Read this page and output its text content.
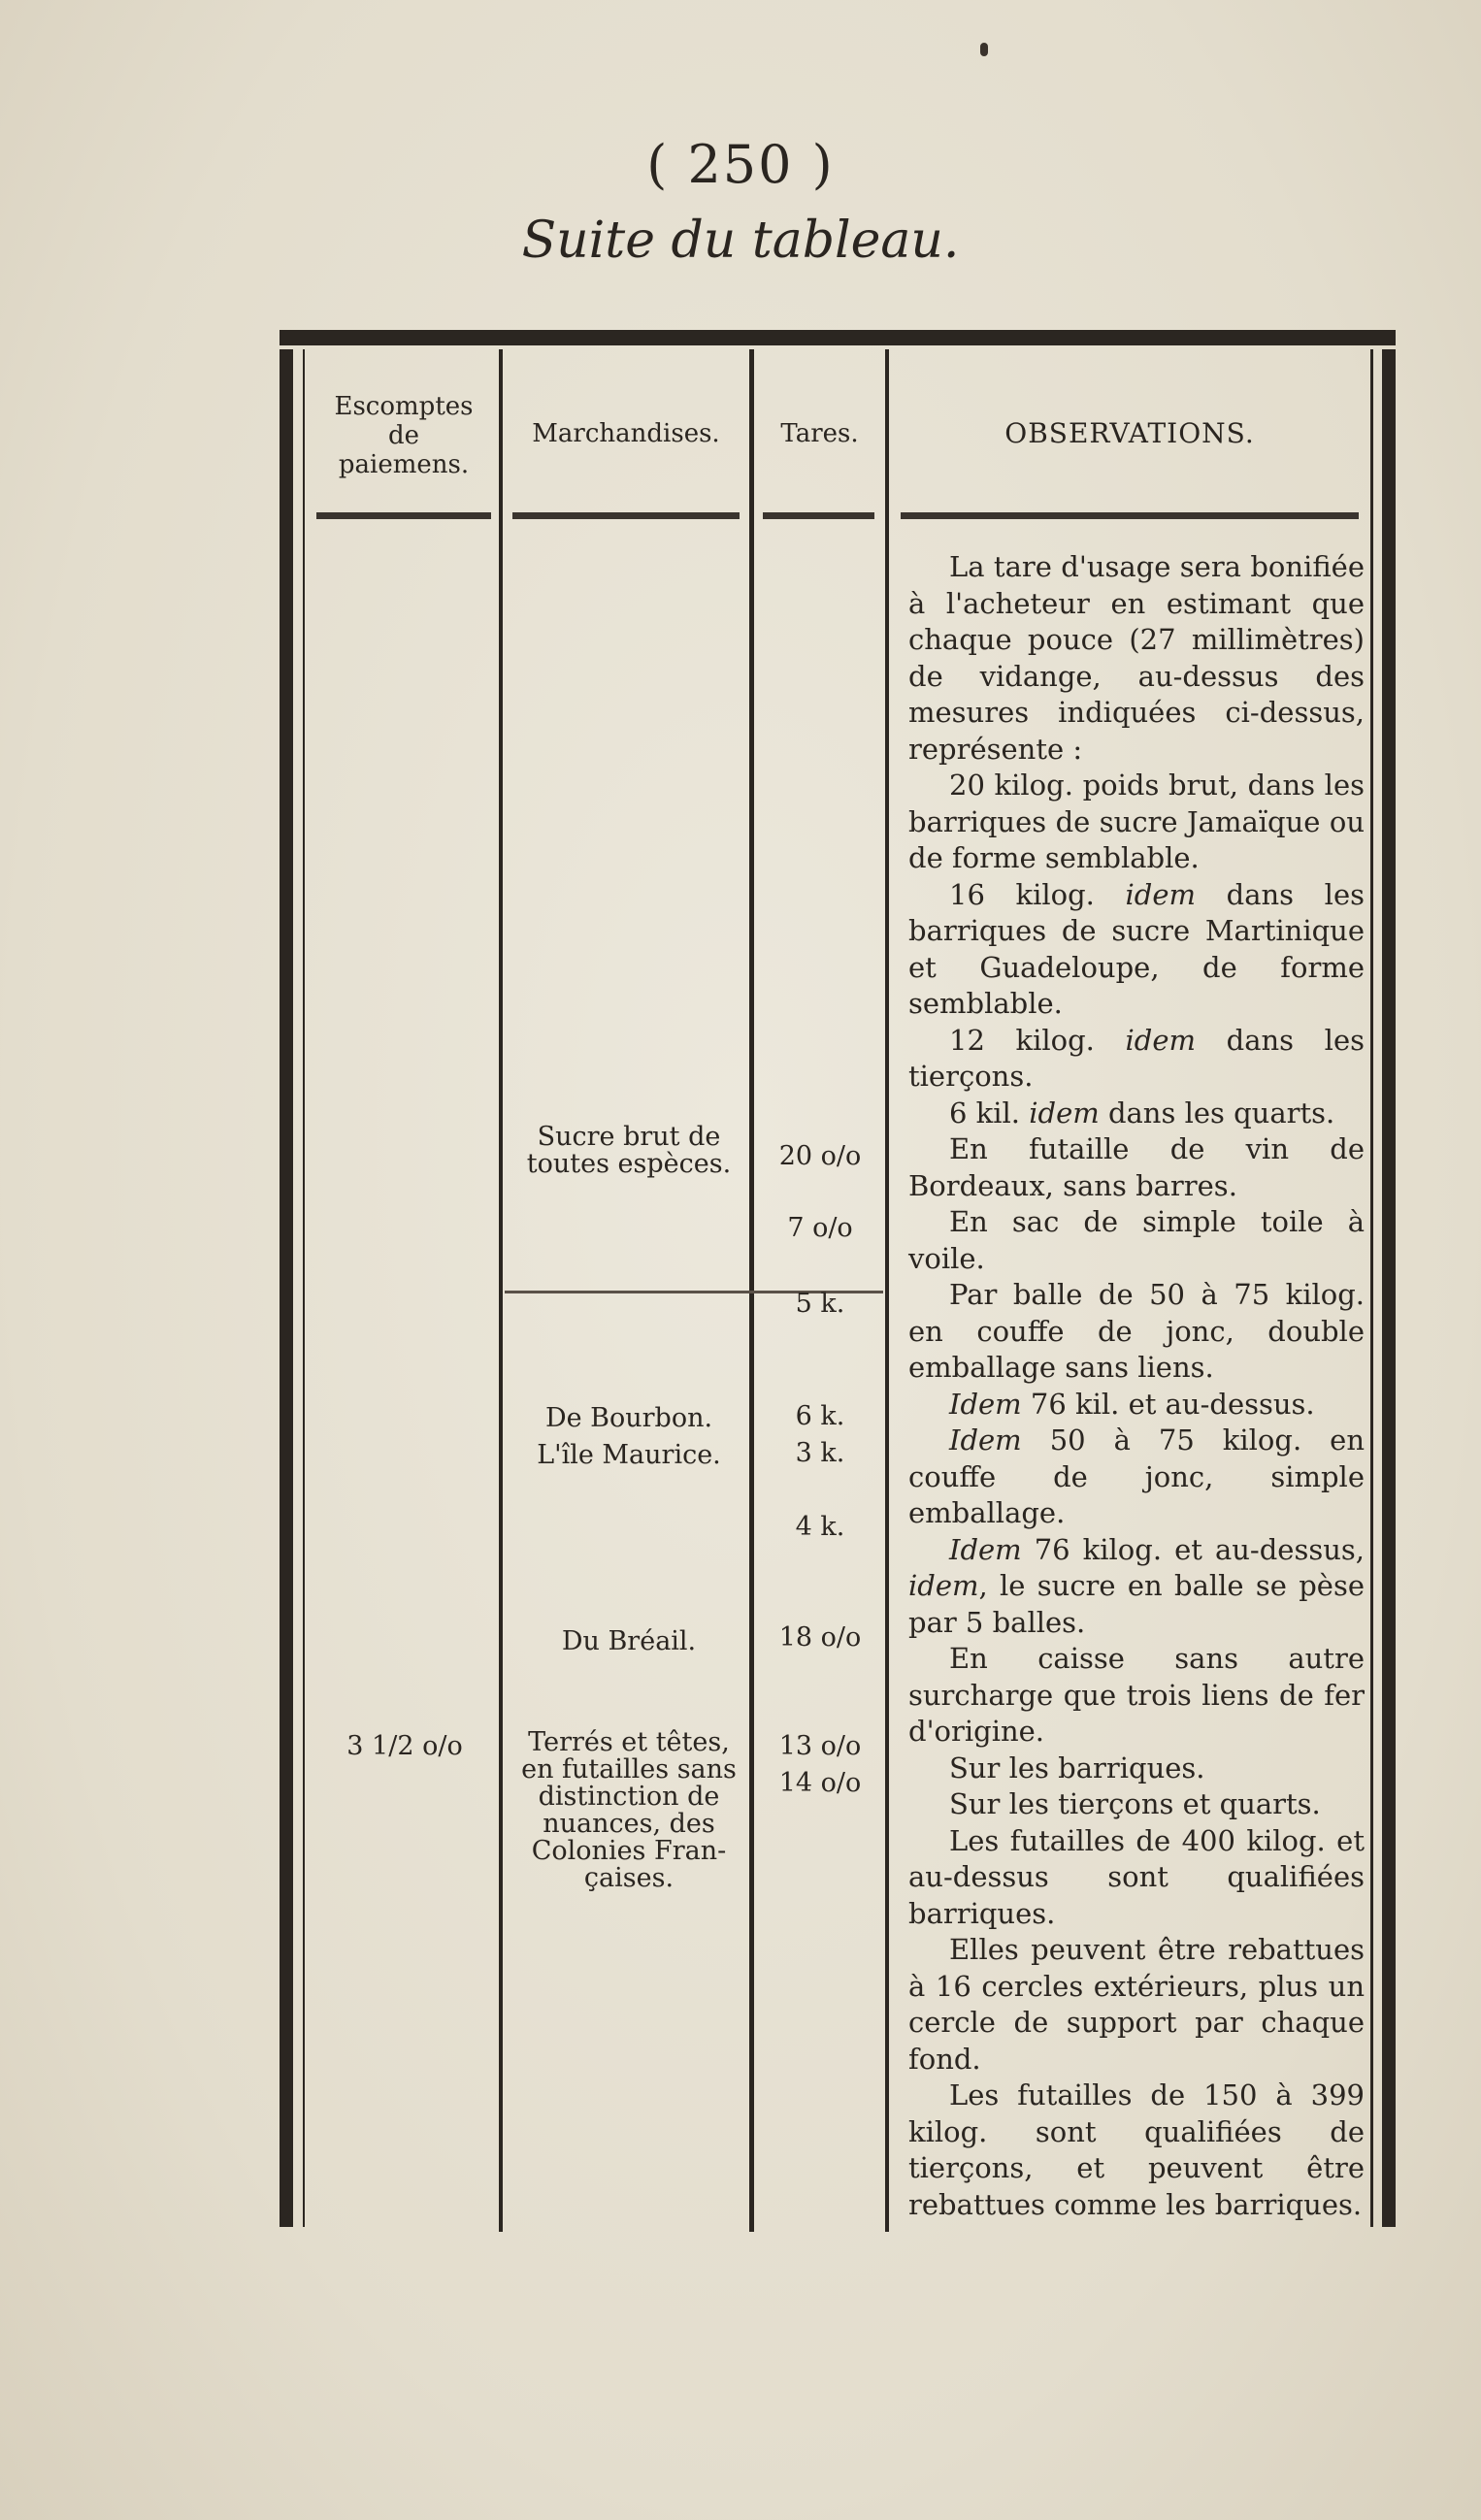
( 250 )
Suite du tableau.
Escomptes
de
paiemens.
Marchandises.	Tares.	OBSERVATIONS.
Sucre brut de
toutes espèces.
De Bourbon.
L'île Maurice.
Du Bréail.
Terrés et têtes,
en futailles sans
distinction de
nuances, des
Colonies Fran-
çaises.
3 1/2 o/o
20 o/o
7 o/o
5 k.
6 k.
3 k.
4 k.
18 o/o
13 o/o
14 o/o

La tare d'usage sera bonifiée à l'acheteur en estimant que chaque pouce (27 millimètres) de vidange, au-dessus des mesures indiquées ci-dessus, représente :

20 kilog. poids brut, dans les barriques de sucre Jamaïque ou de forme semblable.

16 kilog. idem dans les barriques de sucre Martinique et Guadeloupe, de forme semblable.

12 kilog. idem dans les tierçons.

6 kil. idem dans les quarts.

En futaille de vin de Bordeaux, sans barres.

En sac de simple toile à voile.

Par balle de 50 à 75 kilog. en couffe de jonc, double emballage sans liens.

Idem 76 kil. et au-dessus.

Idem 50 à 75 kilog. en couffe de jonc, simple emballage.

Idem 76 kilog. et au-dessus, idem, le sucre en balle se pèse par 5 balles.

En caisse sans autre surcharge que trois liens de fer d'origine.

Sur les barriques.

Sur les tierçons et quarts.

Les futailles de 400 kilog. et au-dessus sont qualifiées barriques.

Elles peuvent être rebattues à 16 cercles extérieurs, plus un cercle de support par chaque fond.

Les futailles de 150 à 399 kilog. sont qualifiées de tierçons, et peuvent être rebattues comme les barriques.
